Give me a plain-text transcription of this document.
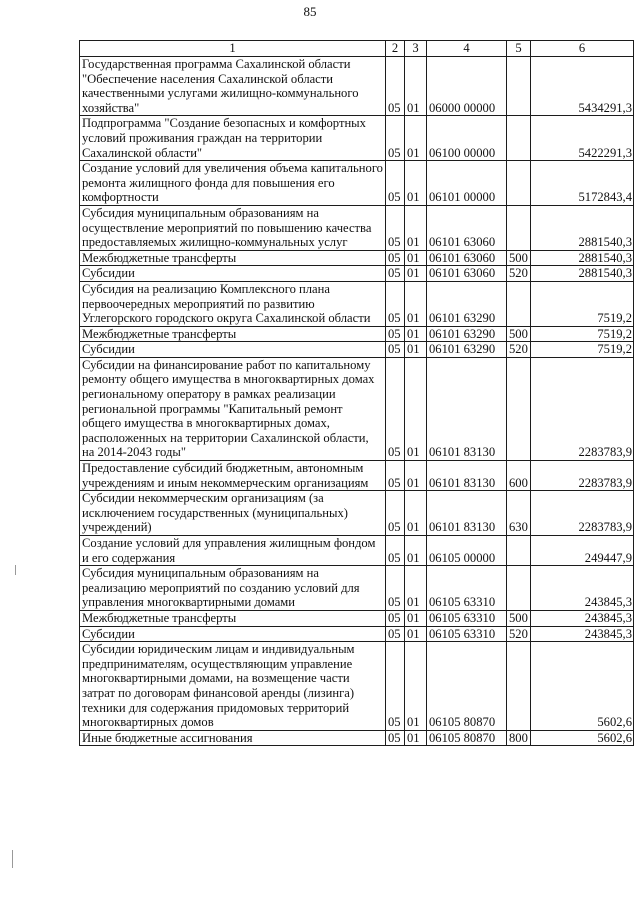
85
1	2	3	4	5	6
Государственная программа Сахалинской области "Обеспечение населения Сахалинской области качественными услугами жилищно-коммунального хозяйства"	05	01	06000 00000		5434291,3
Подпрограмма "Создание безопасных и комфортных условий проживания граждан на территории Сахалинской области"	05	01	06100 00000		5422291,3
Создание условий для увеличения объема капитального ремонта жилищного фонда для повышения его комфортности	05	01	06101 00000		5172843,4
Субсидия муниципальным образованиям на осуществление мероприятий по повышению качества предоставляемых жилищно-коммунальных услуг	05	01	06101 63060		2881540,3
Межбюджетные трансферты	05	01	06101 63060	500	2881540,3
Субсидии	05	01	06101 63060	520	2881540,3
Субсидия на реализацию Комплексного плана первоочередных мероприятий по развитию Углегорского городского округа Сахалинской области	05	01	06101 63290		7519,2
Межбюджетные трансферты	05	01	06101 63290	500	7519,2
Субсидии	05	01	06101 63290	520	7519,2
Субсидии на финансирование работ по капитальному ремонту общего имущества в многоквартирных домах региональному оператору в рамках реализации региональной программы "Капитальный ремонт общего имущества в многоквартирных домах, расположенных на территории Сахалинской области, на 2014-2043 годы"	05	01	06101 83130		2283783,9
Предоставление субсидий бюджетным, автономным учреждениям и иным некоммерческим организациям	05	01	06101 83130	600	2283783,9
Субсидии некоммерческим организациям (за исключением государственных (муниципальных) учреждений)	05	01	06101 83130	630	2283783,9
Создание условий для управления жилищным фондом и его содержания	05	01	06105 00000		249447,9
Субсидия муниципальным образованиям на реализацию мероприятий по созданию условий для управления многоквартирными домами	05	01	06105 63310		243845,3
Межбюджетные трансферты	05	01	06105 63310	500	243845,3
Субсидии	05	01	06105 63310	520	243845,3
Субсидии юридическим лицам и индивидуальным предпринимателям, осуществляющим управление многоквартирными домами, на возмещение части затрат по договорам финансовой аренды (лизинга) техники для содержания придомовых территорий многоквартирных домов	05	01	06105 80870		5602,6
Иные бюджетные ассигнования	05	01	06105 80870	800	5602,6
